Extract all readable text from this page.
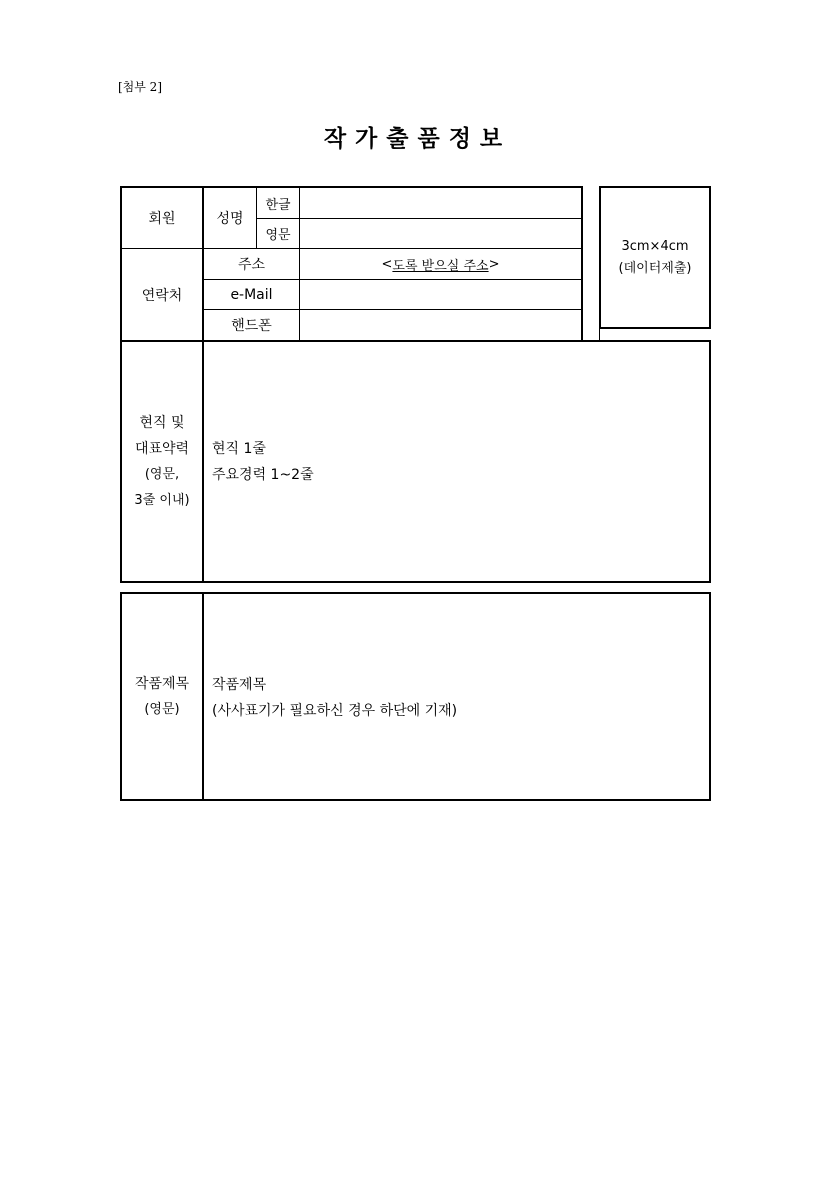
[첨부 2]
작가출품정보
회원	성명
한글
영문
연락처
주소	< 도록 받으실 주소 >
e-Mail
핸드폰
현직 및
대표약력
(영문,
3줄 이내)
현직 1줄
주요경력 1~2줄
3cm×4cm
(데이터제출)
작품제목
(영문)
작품제목
(사사표기가 필요하신 경우 하단에 기재)
